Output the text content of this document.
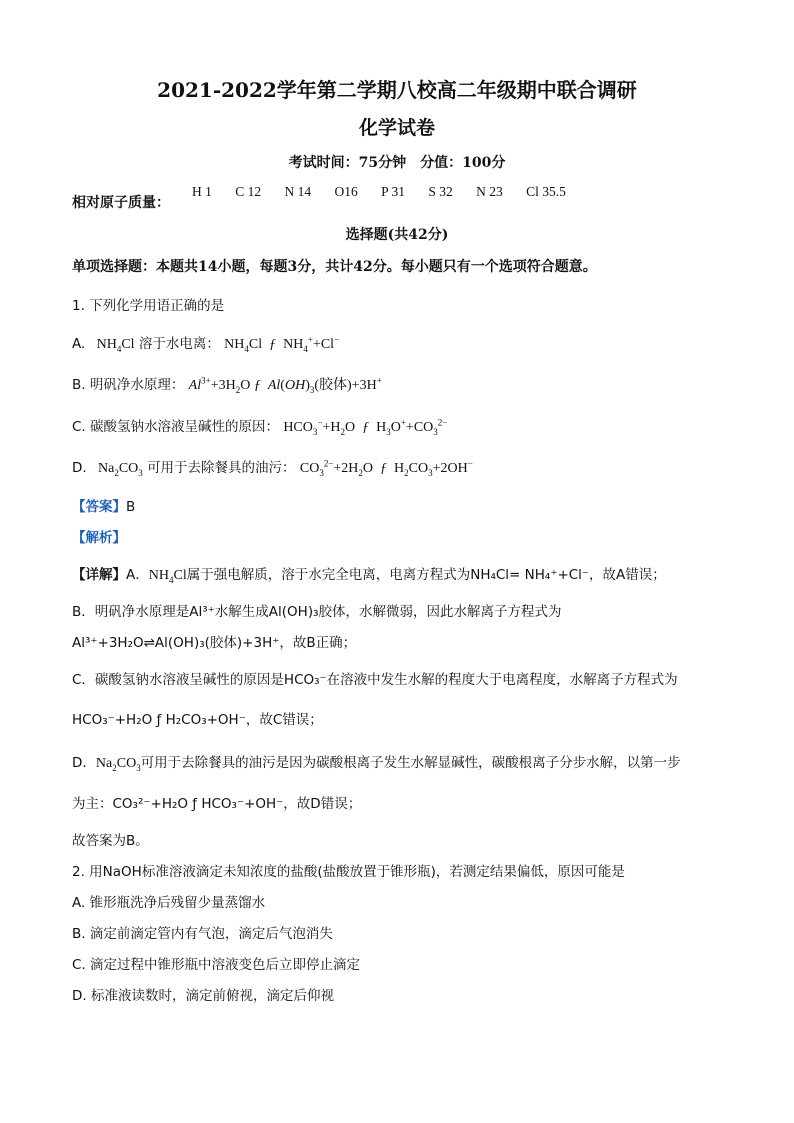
2021-2022学年第二学期八校高二年级期中联合调研
化学试卷
考试时间：75分钟　分值：100分
相对原子质量：
H 1 C 12 N 14 O16 P 31 S 32 N 23 Cl 35.5
选择题(共42分)
单项选择题：本题共14小题，每题3分，共计42分。每小题只有一个选项符合题意。
1. 下列化学用语正确的是
A.  $NH_4Cl$ 溶于水电离： $NH_4Cl$ ƒ $NH_4^++Cl^-$
B. 明矾净水原理： $Al^{3+}+3H_2O$ ƒ  $Al(OH)_3$(胶体)+3H+
C. 碳酸氢钠水溶液呈碱性的原因： $HCO_3^-+H_2O$ ƒ $H_3O^++CO_3^{2-}$
D.  $Na_2CO_3$ 可用于去除餐具的油污： $CO_3^{2-}+2H_2O$ ƒ $H_2CO_3+2OH^-$
【答案】B
【解析】
【详解】A．$NH_4Cl$属于强电解质，溶于水完全电离，电离方程式为NH₄Cl= NH₄⁺+Cl⁻，故A错误；
B．明矾净水原理是Al³⁺水解生成Al(OH)₃胶体，水解微弱，因此水解离子方程式为
Al³⁺+3H₂O⇌Al(OH)₃(胶体)+3H⁺，故B正确；
C．碳酸氢钠水溶液呈碱性的原因是HCO₃⁻在溶液中发生水解的程度大于电离程度，水解离子方程式为
HCO₃⁻+H₂O ƒ H₂CO₃+OH⁻，故C错误；
D．$Na_2CO_3$可用于去除餐具的油污是因为碳酸根离子发生水解显碱性，碳酸根离子分步水解，以第一步
为主：CO₃²⁻+H₂O ƒ HCO₃⁻+OH⁻，故D错误；
故答案为B。
2. 用NaOH标准溶液滴定未知浓度的盐酸(盐酸放置于锥形瓶)，若测定结果偏低，原因可能是
A. 锥形瓶洗净后残留少量蒸馏水
B. 滴定前滴定管内有气泡，滴定后气泡消失
C. 滴定过程中锥形瓶中溶液变色后立即停止滴定
D. 标准液读数时，滴定前俯视，滴定后仰视
